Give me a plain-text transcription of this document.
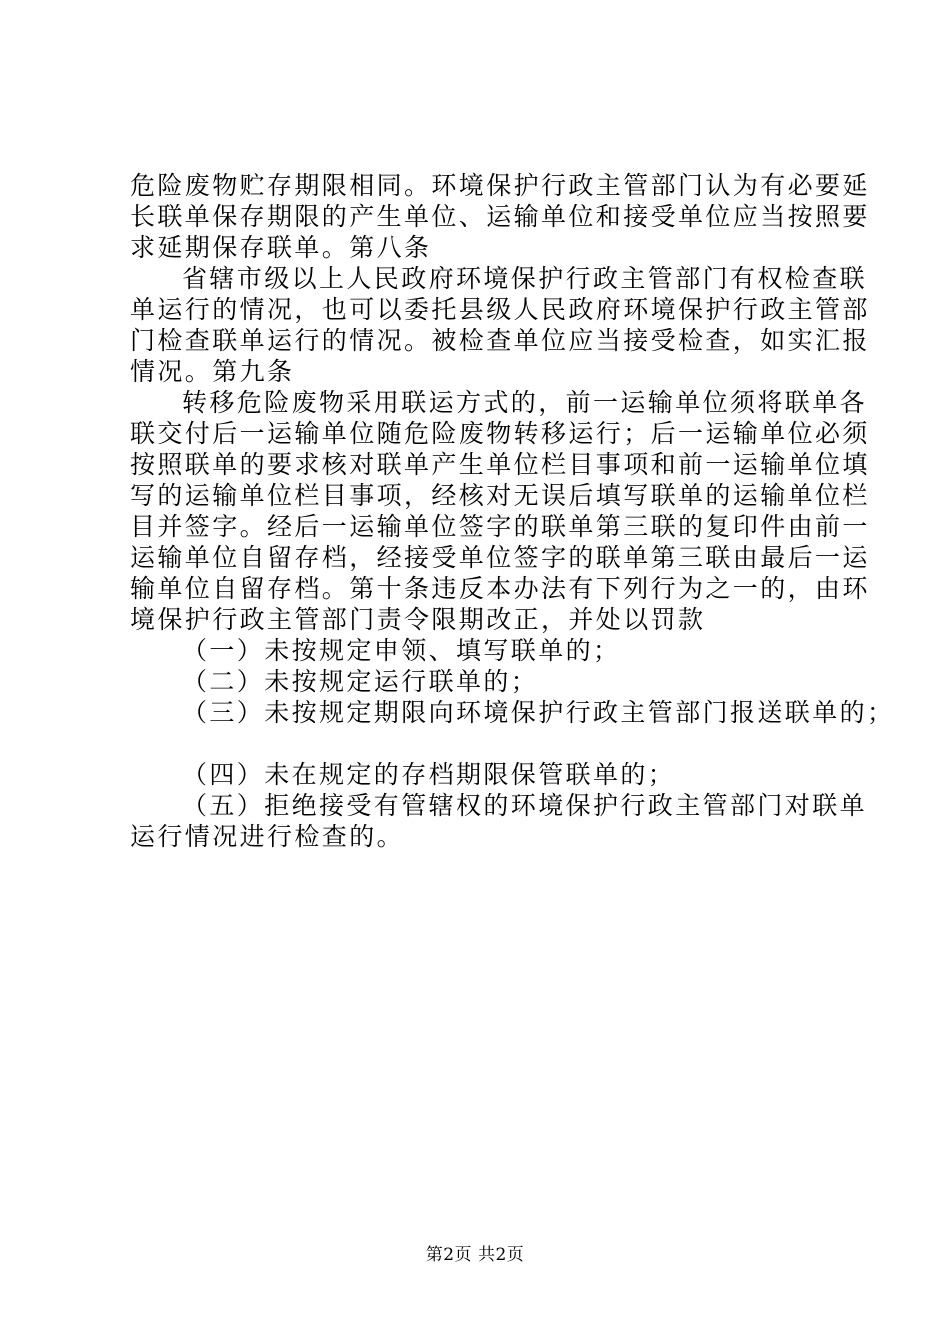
危险废物贮存期限相同。环境保护行政主管部门认为有必要延
长联单保存期限的产生单位、运输单位和接受单位应当按照要
求延期保存联单。第八条
省辖市级以上人民政府环境保护行政主管部门有权检查联
单运行的情况，也可以委托县级人民政府环境保护行政主管部
门检查联单运行的情况。被检查单位应当接受检查，如实汇报
情况。第九条
转移危险废物采用联运方式的，前一运输单位须将联单各
联交付后一运输单位随危险废物转移运行；后一运输单位必须
按照联单的要求核对联单产生单位栏目事项和前一运输单位填
写的运输单位栏目事项，经核对无误后填写联单的运输单位栏
目并签字。经后一运输单位签字的联单第三联的复印件由前一
运输单位自留存档，经接受单位签字的联单第三联由最后一运
输单位自留存档。第十条违反本办法有下列行为之一的，由环
境保护行政主管部门责令限期改正，并处以罚款
（一）未按规定申领、填写联单的；
（二）未按规定运行联单的；
（三）未按规定期限向环境保护行政主管部门报送联单的；
（四）未在规定的存档期限保管联单的；
（五）拒绝接受有管辖权的环境保护行政主管部门对联单
运行情况进行检查的。
第2页 共2页
